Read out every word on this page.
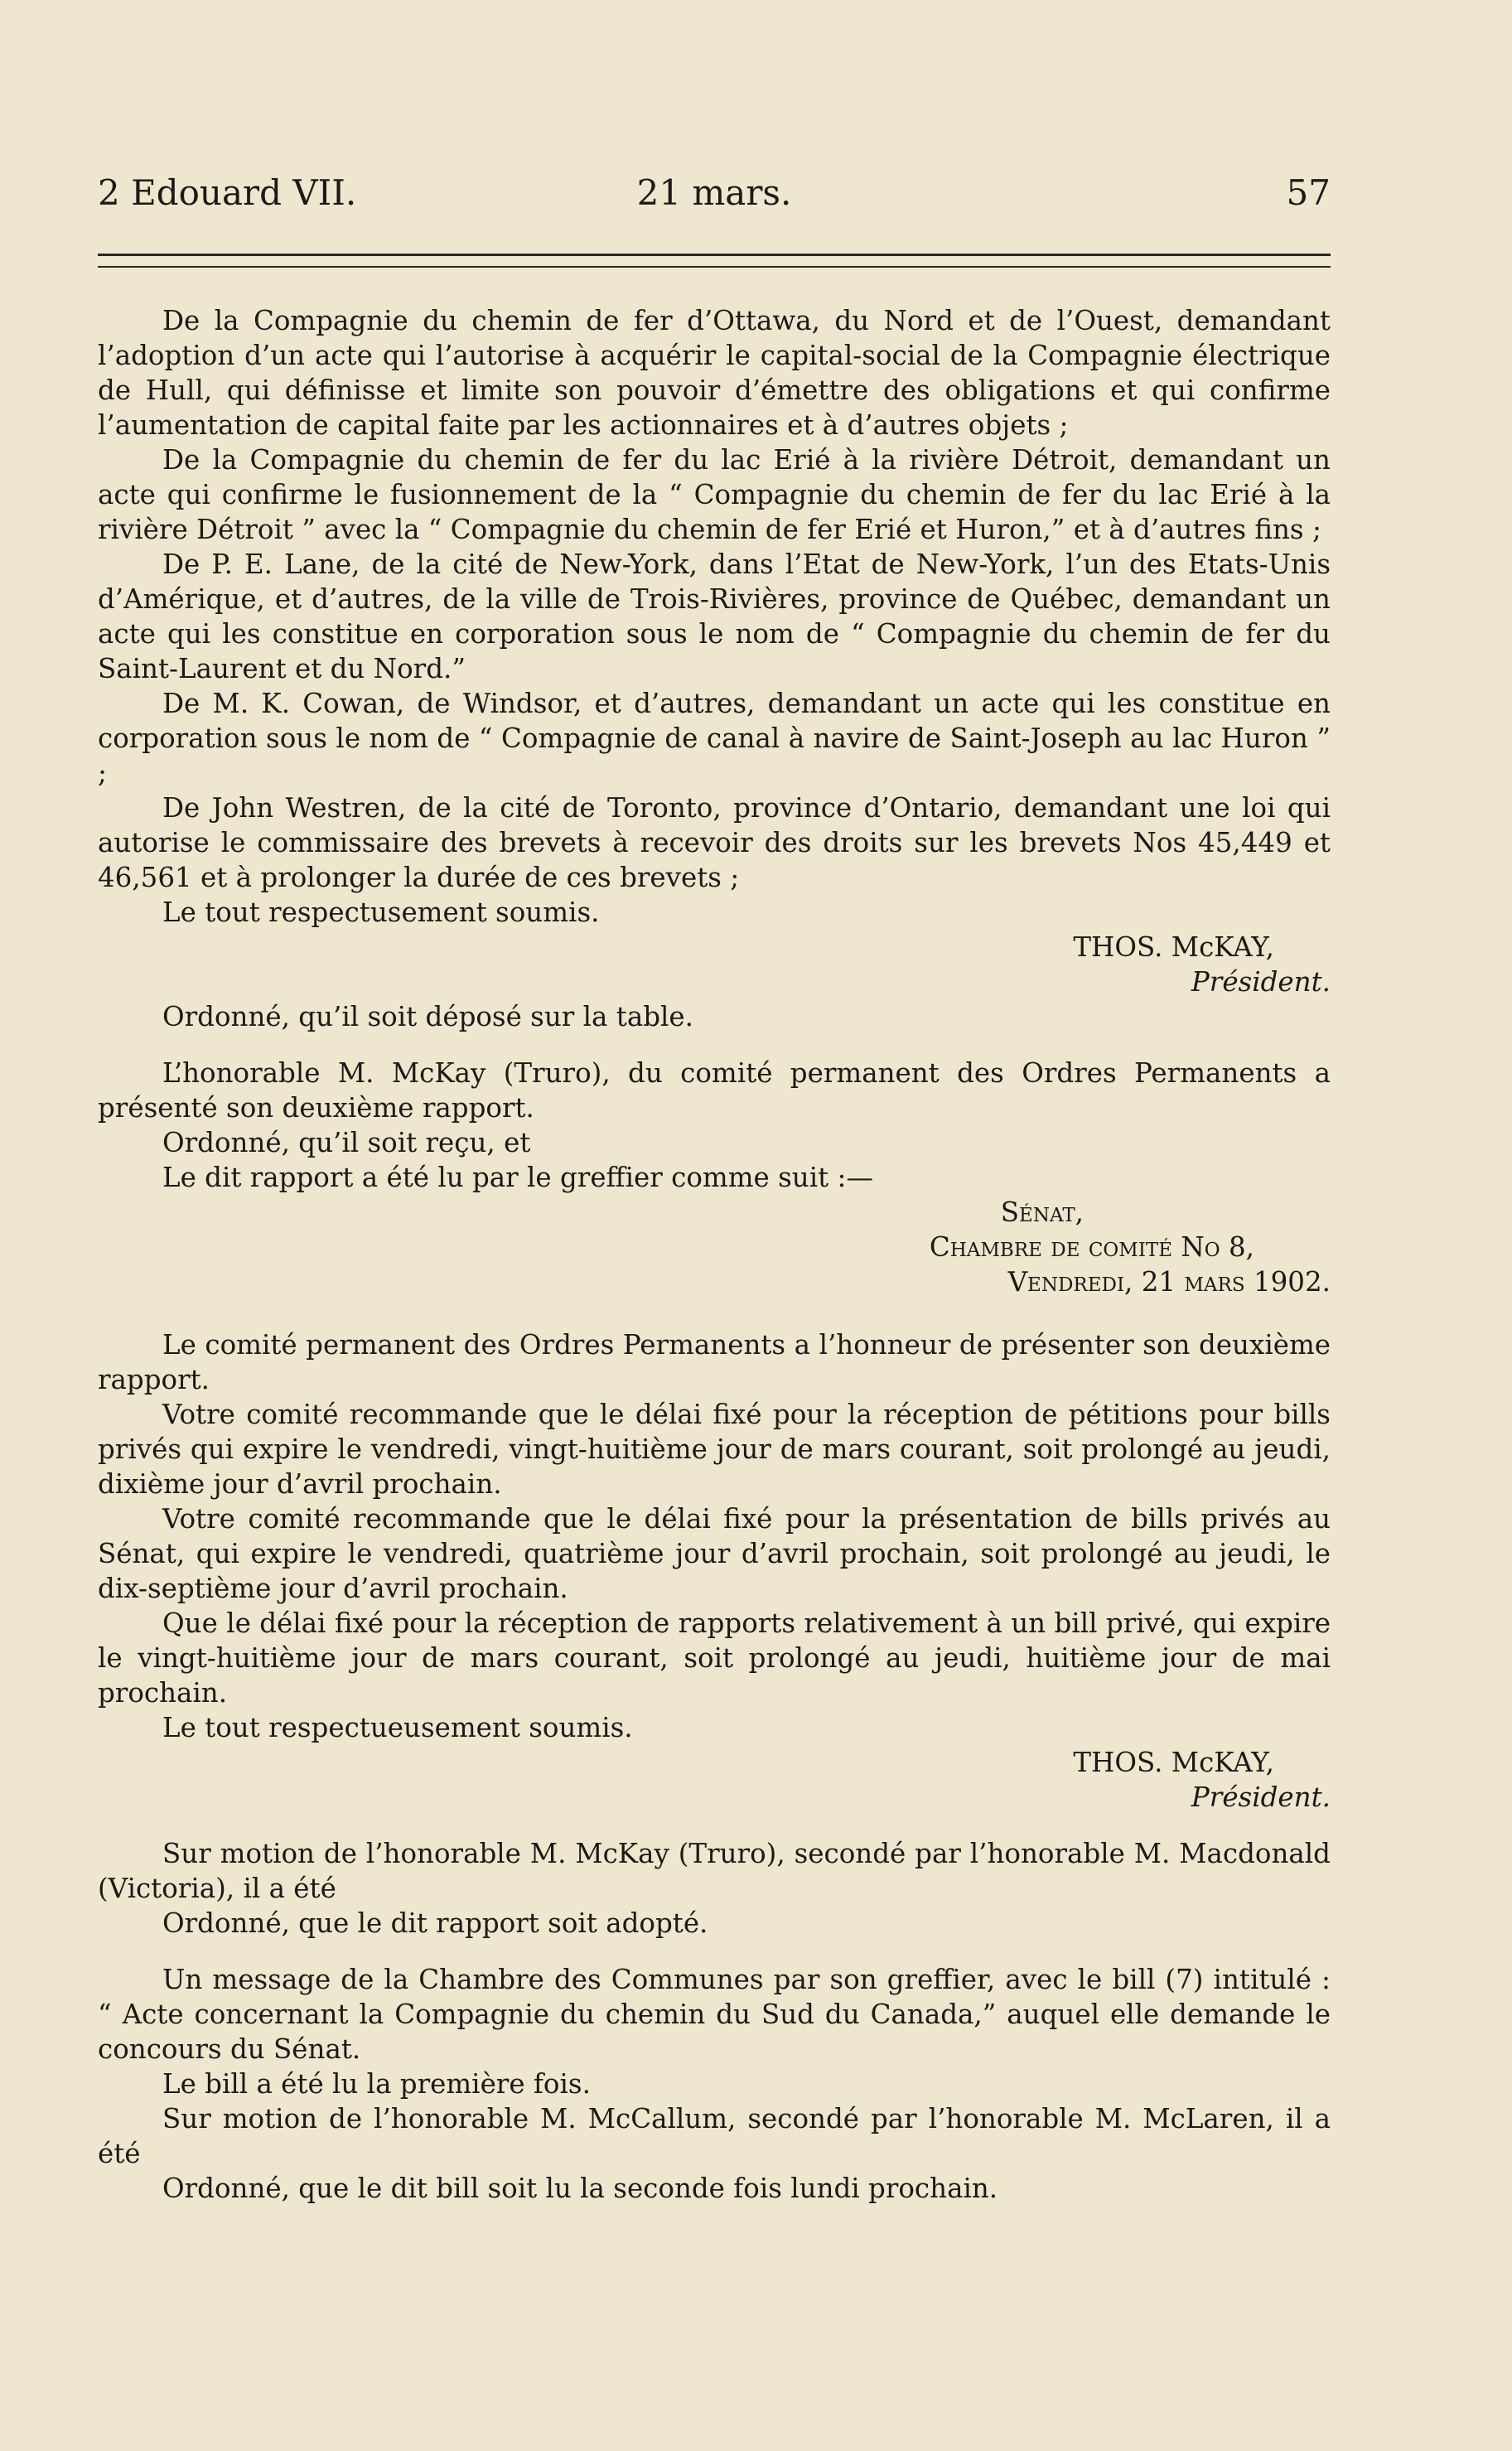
2 Edouard VII.	21 mars.	57

De la Compagnie du chemin de fer d’Ottawa, du Nord et de l’Ouest, demandant l’adoption d’un acte qui l’autorise à acquérir le capital-social de la Compagnie électrique de Hull, qui définisse et limite son pouvoir d’émettre des obligations et qui confirme l’aumentation de capital faite par les actionnaires et à d’autres objets ;

De la Compagnie du chemin de fer du lac Erié à la rivière Détroit, demandant un acte qui confirme le fusionnement de la “ Compagnie du chemin de fer du lac Erié à la rivière Détroit ” avec la “ Compagnie du chemin de fer Erié et Huron,” et à d’autres fins ;

De P. E. Lane, de la cité de New-York, dans l’Etat de New-York, l’un des Etats-Unis d’Amérique, et d’autres, de la ville de Trois-Rivières, province de Québec, demandant un acte qui les constitue en corporation sous le nom de “ Compagnie du chemin de fer du Saint-Laurent et du Nord.”

De M. K. Cowan, de Windsor, et d’autres, demandant un acte qui les constitue en corporation sous le nom de “ Compagnie de canal à navire de Saint-Joseph au lac Huron ” ;

De John Westren, de la cité de Toronto, province d’Ontario, demandant une loi qui autorise le commissaire des brevets à recevoir des droits sur les brevets Nos 45,449 et 46,561 et à prolonger la durée de ces brevets ;

Le tout respectusement soumis.

THOS. McKAY,
Président.

Ordonné, qu’il soit déposé sur la table.

L’honorable M. McKay (Truro), du comité permanent des Ordres Permanents a présenté son deuxième rapport.

Ordonné, qu’il soit reçu, et

Le dit rapport a été lu par le greffier comme suit :—

Sénat,
Chambre de comité No 8,
Vendredi, 21 mars 1902.

Le comité permanent des Ordres Permanents a l’honneur de présenter son deuxième rapport.

Votre comité recommande que le délai fixé pour la réception de pétitions pour bills privés qui expire le vendredi, vingt-huitième jour de mars courant, soit prolongé au jeudi, dixième jour d’avril prochain.

Votre comité recommande que le délai fixé pour la présentation de bills privés au Sénat, qui expire le vendredi, quatrième jour d’avril prochain, soit prolongé au jeudi, le dix-septième jour d’avril prochain.

Que le délai fixé pour la réception de rapports relativement à un bill privé, qui expire le vingt-huitième jour de mars courant, soit prolongé au jeudi, huitième jour de mai prochain.

Le tout respectueusement soumis.

THOS. McKAY,
Président.

Sur motion de l’honorable M. McKay (Truro), secondé par l’honorable M. Macdonald (Victoria), il a été

Ordonné, que le dit rapport soit adopté.

Un message de la Chambre des Communes par son greffier, avec le bill (7) intitulé : “ Acte concernant la Compagnie du chemin du Sud du Canada,” auquel elle demande le concours du Sénat.

Le bill a été lu la première fois.

Sur motion de l’honorable M. McCallum, secondé par l’honorable M. McLaren, il a été

Ordonné, que le dit bill soit lu la seconde fois lundi prochain.
